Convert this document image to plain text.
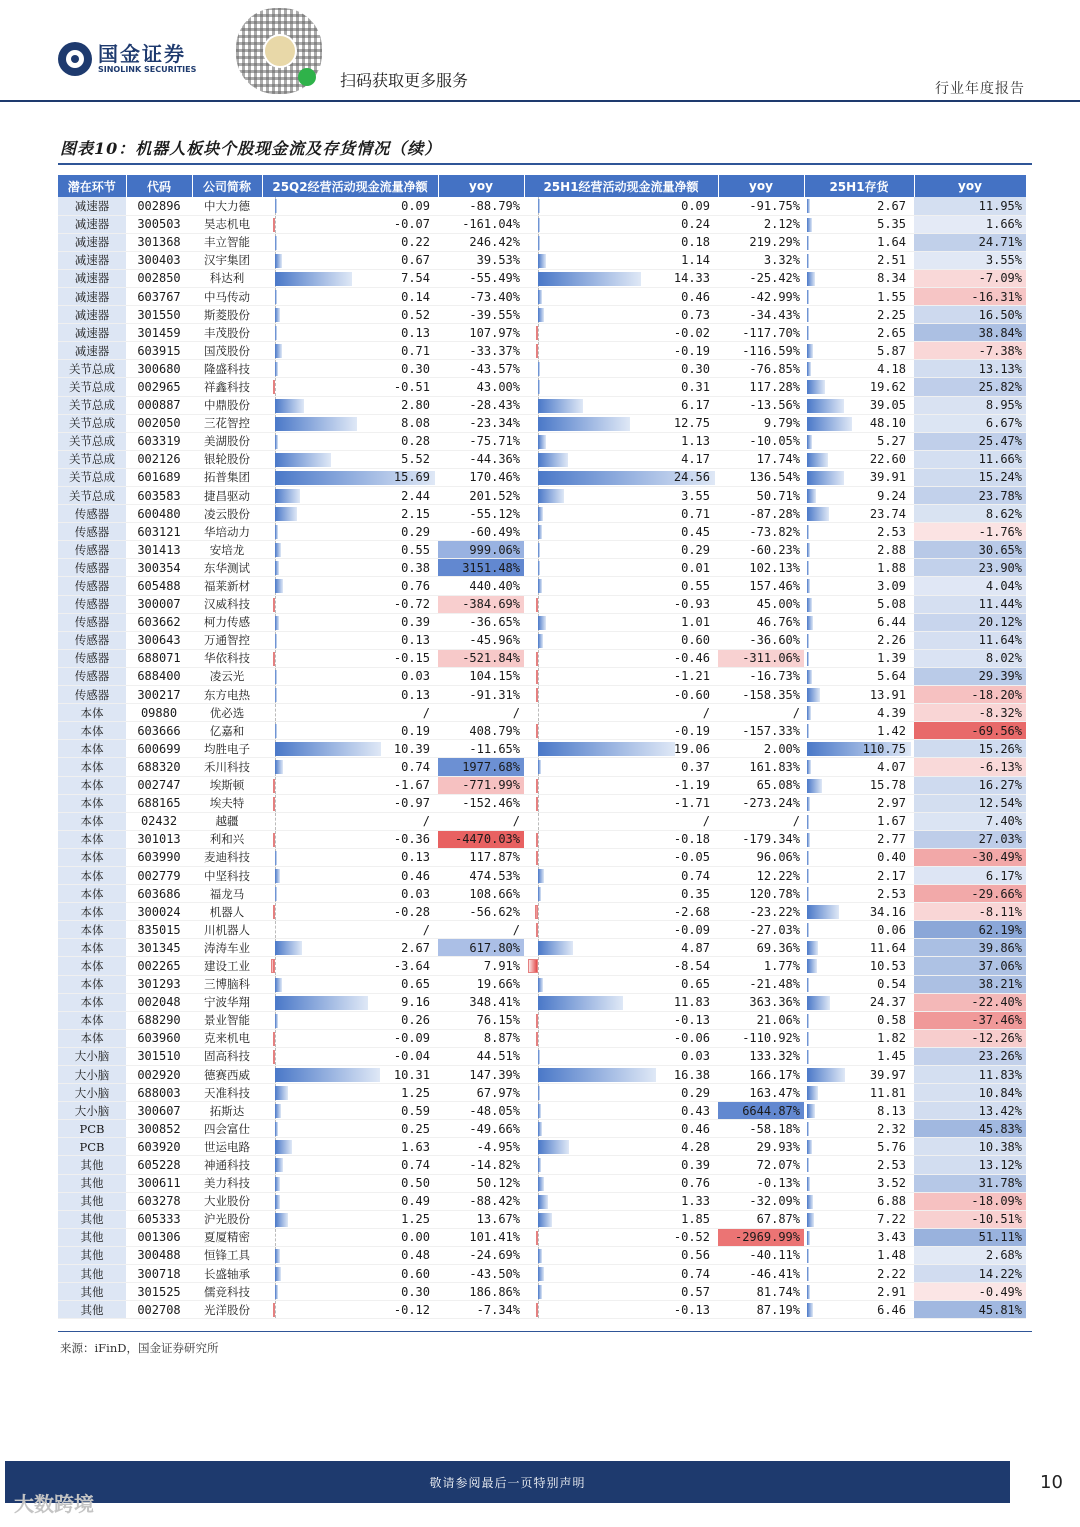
国金证券
SINOLINK SECURITIES
扫码获取更多服务	行业年度报告
图表10：机器人板块个股现金流及存货情况（续）
潜在环节	代码	公司简称	25Q2经营活动现金流量净额	yoy	25H1经营活动现金流量净额	yoy	25H1存货	yoy
减速器	002896	中大力德	0.09	-88.79%	0.09	-91.75%	2.67	11.95%
减速器	300503	昊志机电	-0.07	-161.04%	0.24	2.12%	5.35	1.66%
减速器	301368	丰立智能	0.22	246.42%	0.18	219.29%	1.64	24.71%
减速器	300403	汉宇集团	0.67	39.53%	1.14	3.32%	2.51	3.55%
减速器	002850	科达利	7.54	-55.49%	14.33	-25.42%	8.34	-7.09%
减速器	603767	中马传动	0.14	-73.40%	0.46	-42.99%	1.55	-16.31%
减速器	301550	斯菱股份	0.52	-39.55%	0.73	-34.43%	2.25	16.50%
减速器	301459	丰茂股份	0.13	107.97%	-0.02	-117.70%	2.65	38.84%
减速器	603915	国茂股份	0.71	-33.37%	-0.19	-116.59%	5.87	-7.38%
关节总成	300680	隆盛科技	0.30	-43.57%	0.30	-76.85%	4.18	13.13%
关节总成	002965	祥鑫科技	-0.51	43.00%	0.31	117.28%	19.62	25.82%
关节总成	000887	中鼎股份	2.80	-28.43%	6.17	-13.56%	39.05	8.95%
关节总成	002050	三花智控	8.08	-23.34%	12.75	9.79%	48.10	6.67%
关节总成	603319	美湖股份	0.28	-75.71%	1.13	-10.05%	5.27	25.47%
关节总成	002126	银轮股份	5.52	-44.36%	4.17	17.74%	22.60	11.66%
关节总成	601689	拓普集团	15.69	170.46%	24.56	136.54%	39.91	15.24%
关节总成	603583	捷昌驱动	2.44	201.52%	3.55	50.71%	9.24	23.78%
传感器	600480	凌云股份	2.15	-55.12%	0.71	-87.28%	23.74	8.62%
传感器	603121	华培动力	0.29	-60.49%	0.45	-73.82%	2.53	-1.76%
传感器	301413	安培龙	0.55	999.06%	0.29	-60.23%	2.88	30.65%
传感器	300354	东华测试	0.38	3151.48%	0.01	102.13%	1.88	23.90%
传感器	605488	福莱新材	0.76	440.40%	0.55	157.46%	3.09	4.04%
传感器	300007	汉威科技	-0.72	-384.69%	-0.93	45.00%	5.08	11.44%
传感器	603662	柯力传感	0.39	-36.65%	1.01	46.76%	6.44	20.12%
传感器	300643	万通智控	0.13	-45.96%	0.60	-36.60%	2.26	11.64%
传感器	688071	华依科技	-0.15	-521.84%	-0.46	-311.06%	1.39	8.02%
传感器	688400	凌云光	0.03	104.15%	-1.21	-16.73%	5.64	29.39%
传感器	300217	东方电热	0.13	-91.31%	-0.60	-158.35%	13.91	-18.20%
本体	09880	优必选	/	/	/	/	4.39	-8.32%
本体	603666	亿嘉和	0.19	408.79%	-0.19	-157.33%	1.42	-69.56%
本体	600699	均胜电子	10.39	-11.65%	19.06	2.00%	110.75	15.26%
本体	688320	禾川科技	0.74	1977.68%	0.37	161.83%	4.07	-6.13%
本体	002747	埃斯顿	-1.67	-771.99%	-1.19	65.08%	15.78	16.27%
本体	688165	埃夫特	-0.97	-152.46%	-1.71	-273.24%	2.97	12.54%
本体	02432	越疆	/	/	/	/	1.67	7.40%
本体	301013	利和兴	-0.36	-4470.03%	-0.18	-179.34%	2.77	27.03%
本体	603990	麦迪科技	0.13	117.87%	-0.05	96.06%	0.40	-30.49%
本体	002779	中坚科技	0.46	474.53%	0.74	12.22%	2.17	6.17%
本体	603686	福龙马	0.03	108.66%	0.35	120.78%	2.53	-29.66%
本体	300024	机器人	-0.28	-56.62%	-2.68	-23.22%	34.16	-8.11%
本体	835015	川机器人	/	/	-0.09	-27.03%	0.06	62.19%
本体	301345	涛涛车业	2.67	617.80%	4.87	69.36%	11.64	39.86%
本体	002265	建设工业	-3.64	7.91%	-8.54	1.77%	10.53	37.06%
本体	301293	三博脑科	0.65	19.66%	0.65	-21.48%	0.54	38.21%
本体	002048	宁波华翔	9.16	348.41%	11.83	363.36%	24.37	-22.40%
本体	688290	景业智能	0.26	76.15%	-0.13	21.06%	0.58	-37.46%
本体	603960	克来机电	-0.09	8.87%	-0.06	-110.92%	1.82	-12.26%
大小脑	301510	固高科技	-0.04	44.51%	0.03	133.32%	1.45	23.26%
大小脑	002920	德赛西威	10.31	147.39%	16.38	166.17%	39.97	11.83%
大小脑	688003	天准科技	1.25	67.97%	0.29	163.47%	11.81	10.84%
大小脑	300607	拓斯达	0.59	-48.05%	0.43	6644.87%	8.13	13.42%
PCB	300852	四会富仕	0.25	-49.66%	0.46	-58.18%	2.32	45.83%
PCB	603920	世运电路	1.63	-4.95%	4.28	29.93%	5.76	10.38%
其他	605228	神通科技	0.74	-14.82%	0.39	72.07%	2.53	13.12%
其他	300611	美力科技	0.50	50.12%	0.76	-0.13%	3.52	31.78%
其他	603278	大业股份	0.49	-88.42%	1.33	-32.09%	6.88	-18.09%
其他	605333	沪光股份	1.25	13.67%	1.85	67.87%	7.22	-10.51%
其他	001306	夏厦精密	0.00	101.41%	-0.52	-2969.99%	3.43	51.11%
其他	300488	恒锋工具	0.48	-24.69%	0.56	-40.11%	1.48	2.68%
其他	300718	长盛轴承	0.60	-43.50%	0.74	-46.41%	2.22	14.22%
其他	301525	儒竞科技	0.30	186.86%	0.57	81.74%	2.91	-0.49%
其他	002708	光洋股份	-0.12	-7.34%	-0.13	87.19%	6.46	45.81%
来源：iFinD，国金证券研究所
敬请参阅最后一页特别声明	10
大数跨境
